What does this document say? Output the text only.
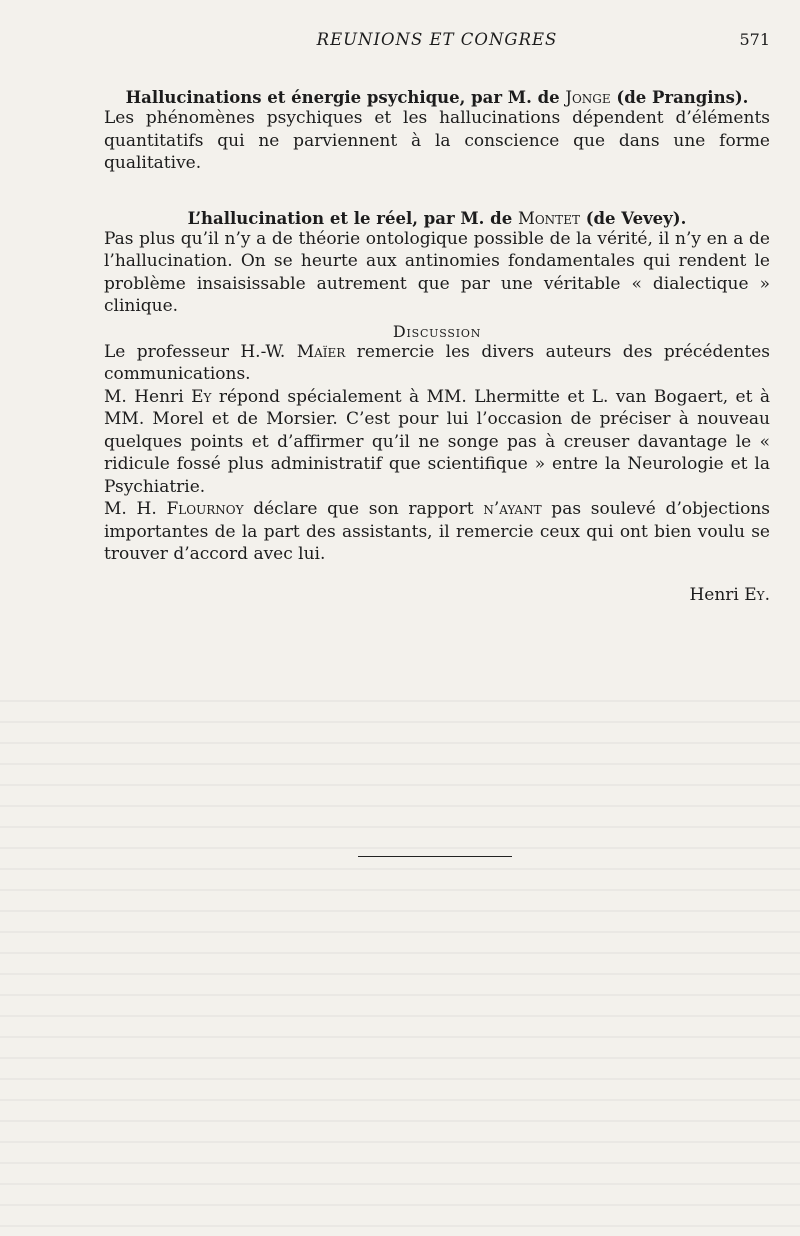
REUNIONS ET CONGRES	571
Hallucinations et énergie psychique, par M. de Jonge (de Prangins).

Les phénomènes psychiques et les hallucinations dépendent d’éléments quantitatifs qui ne parviennent à la conscience que dans une forme qualitative.

L’hallucination et le réel, par M. de Montet (de Vevey).

Pas plus qu’il n’y a de théorie ontologique possible de la vérité, il n’y en a de l’hallucination. On se heurte aux antinomies fondamentales qui rendent le problème insaisissable autrement que par une véritable « dialectique » clinique.

Discussion

Le professeur H.-W. Maïer remercie les divers auteurs des précédentes communications.

M. Henri Ey répond spécialement à MM. Lhermitte et L. van Bogaert, et à MM. Morel et de Morsier. C’est pour lui l’occasion de préciser à nouveau quelques points et d’affirmer qu’il ne songe pas à creuser davantage le « ridicule fossé plus administratif que scientifique » entre la Neurologie et la Psychiatrie.

M. H. Flournoy déclare que son rapport n’ayant pas soulevé d’objections importantes de la part des assistants, il remercie ceux qui ont bien voulu se trouver d’accord avec lui.

Henri Ey.
